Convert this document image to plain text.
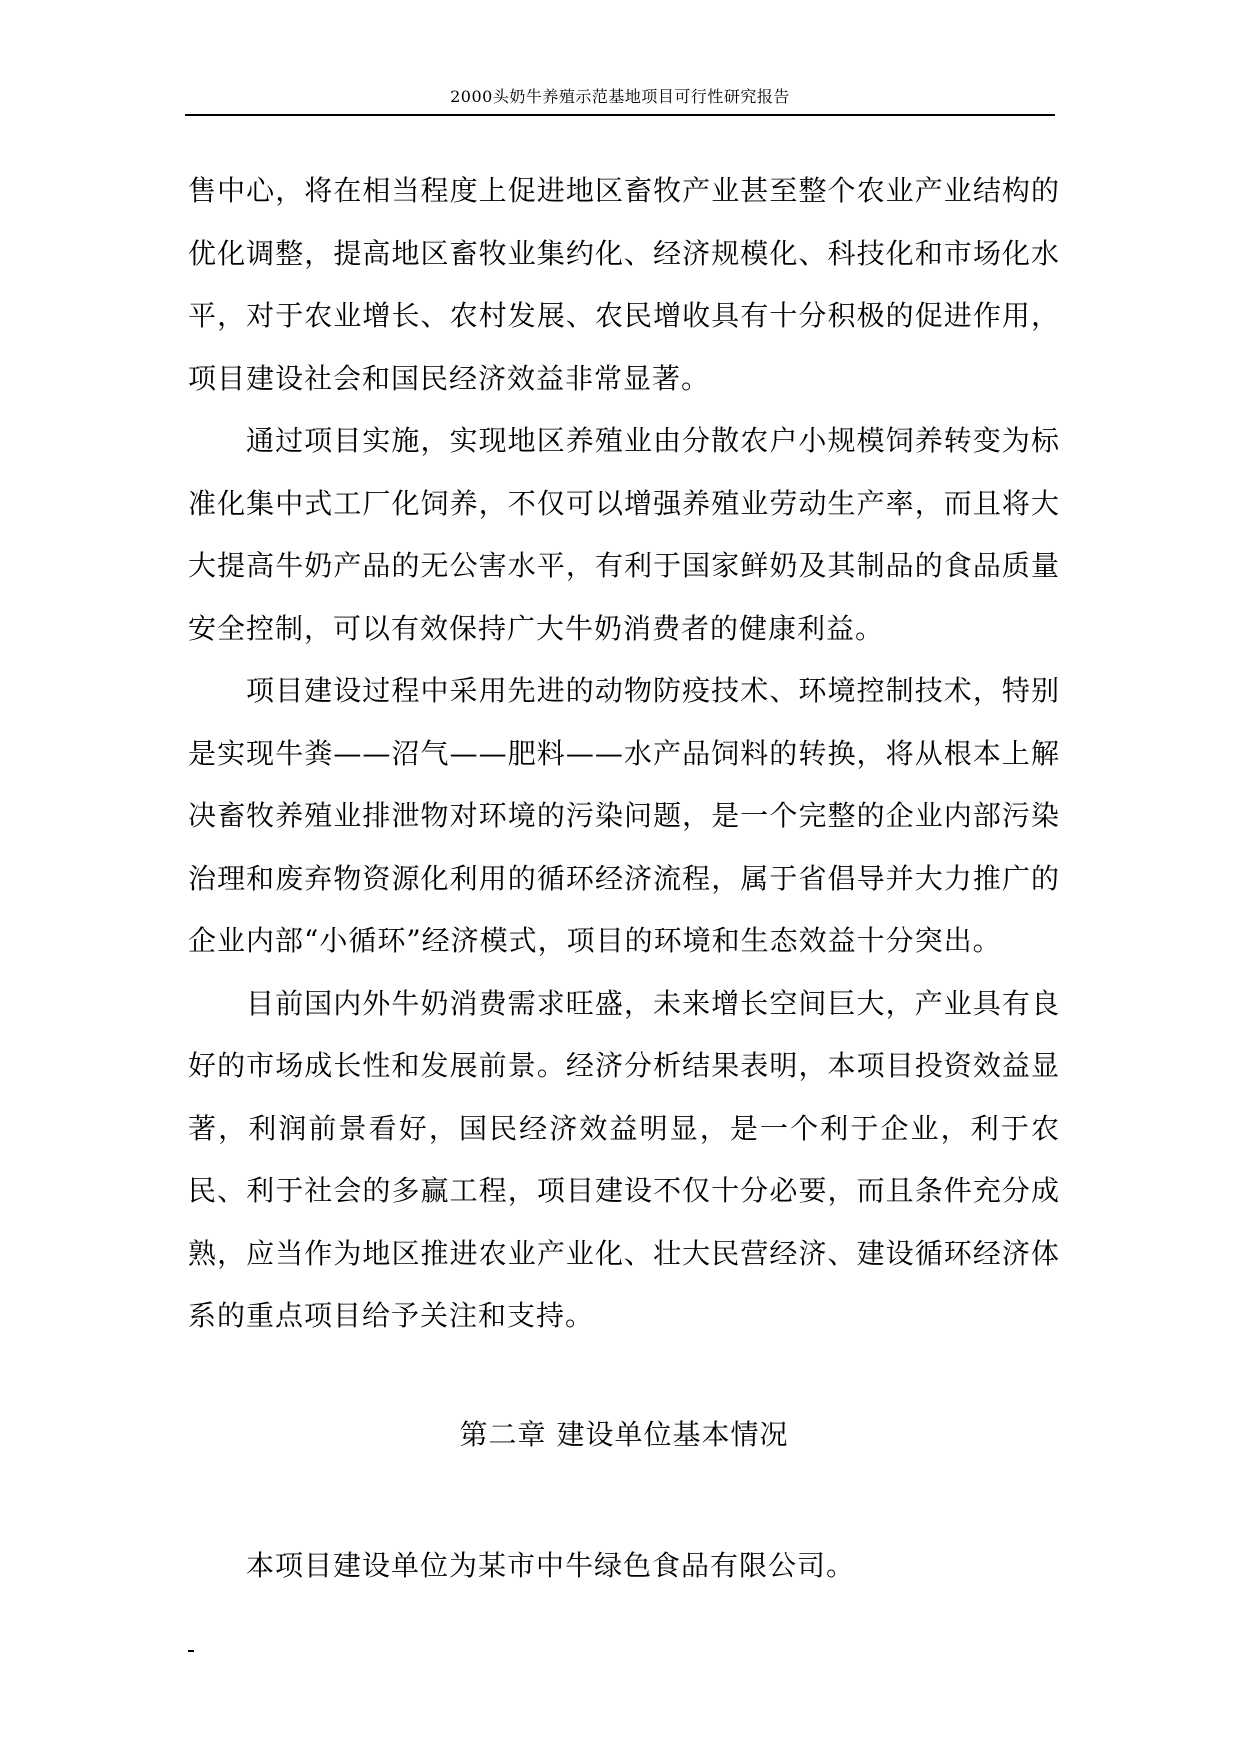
2000头奶牛养殖示范基地项目可行性研究报告

售中心，将在相当程度上促进地区畜牧产业甚至整个农业产业结构的优化调整，提高地区畜牧业集约化、经济规模化、科技化和市场化水平，对于农业增长、农村发展、农民增收具有十分积极的促进作用，项目建设社会和国民经济效益非常显著。

通过项目实施，实现地区养殖业由分散农户小规模饲养转变为标准化集中式工厂化饲养，不仅可以增强养殖业劳动生产率，而且将大大提高牛奶产品的无公害水平，有利于国家鲜奶及其制品的食品质量安全控制，可以有效保持广大牛奶消费者的健康利益。

项目建设过程中采用先进的动物防疫技术、环境控制技术，特别是实现牛粪——沼气——肥料——水产品饲料的转换，将从根本上解决畜牧养殖业排泄物对环境的污染问题，是一个完整的企业内部污染治理和废弃物资源化利用的循环经济流程，属于省倡导并大力推广的企业内部“小循环”经济模式，项目的环境和生态效益十分突出。

目前国内外牛奶消费需求旺盛，未来增长空间巨大，产业具有良好的市场成长性和发展前景。经济分析结果表明，本项目投资效益显著，利润前景看好，国民经济效益明显，是一个利于企业，利于农民、利于社会的多赢工程，项目建设不仅十分必要，而且条件充分成熟，应当作为地区推进农业产业化、壮大民营经济、建设循环经济体系的重点项目给予关注和支持。

第二章 建设单位基本情况

本项目建设单位为某市中牛绿色食品有限公司。
